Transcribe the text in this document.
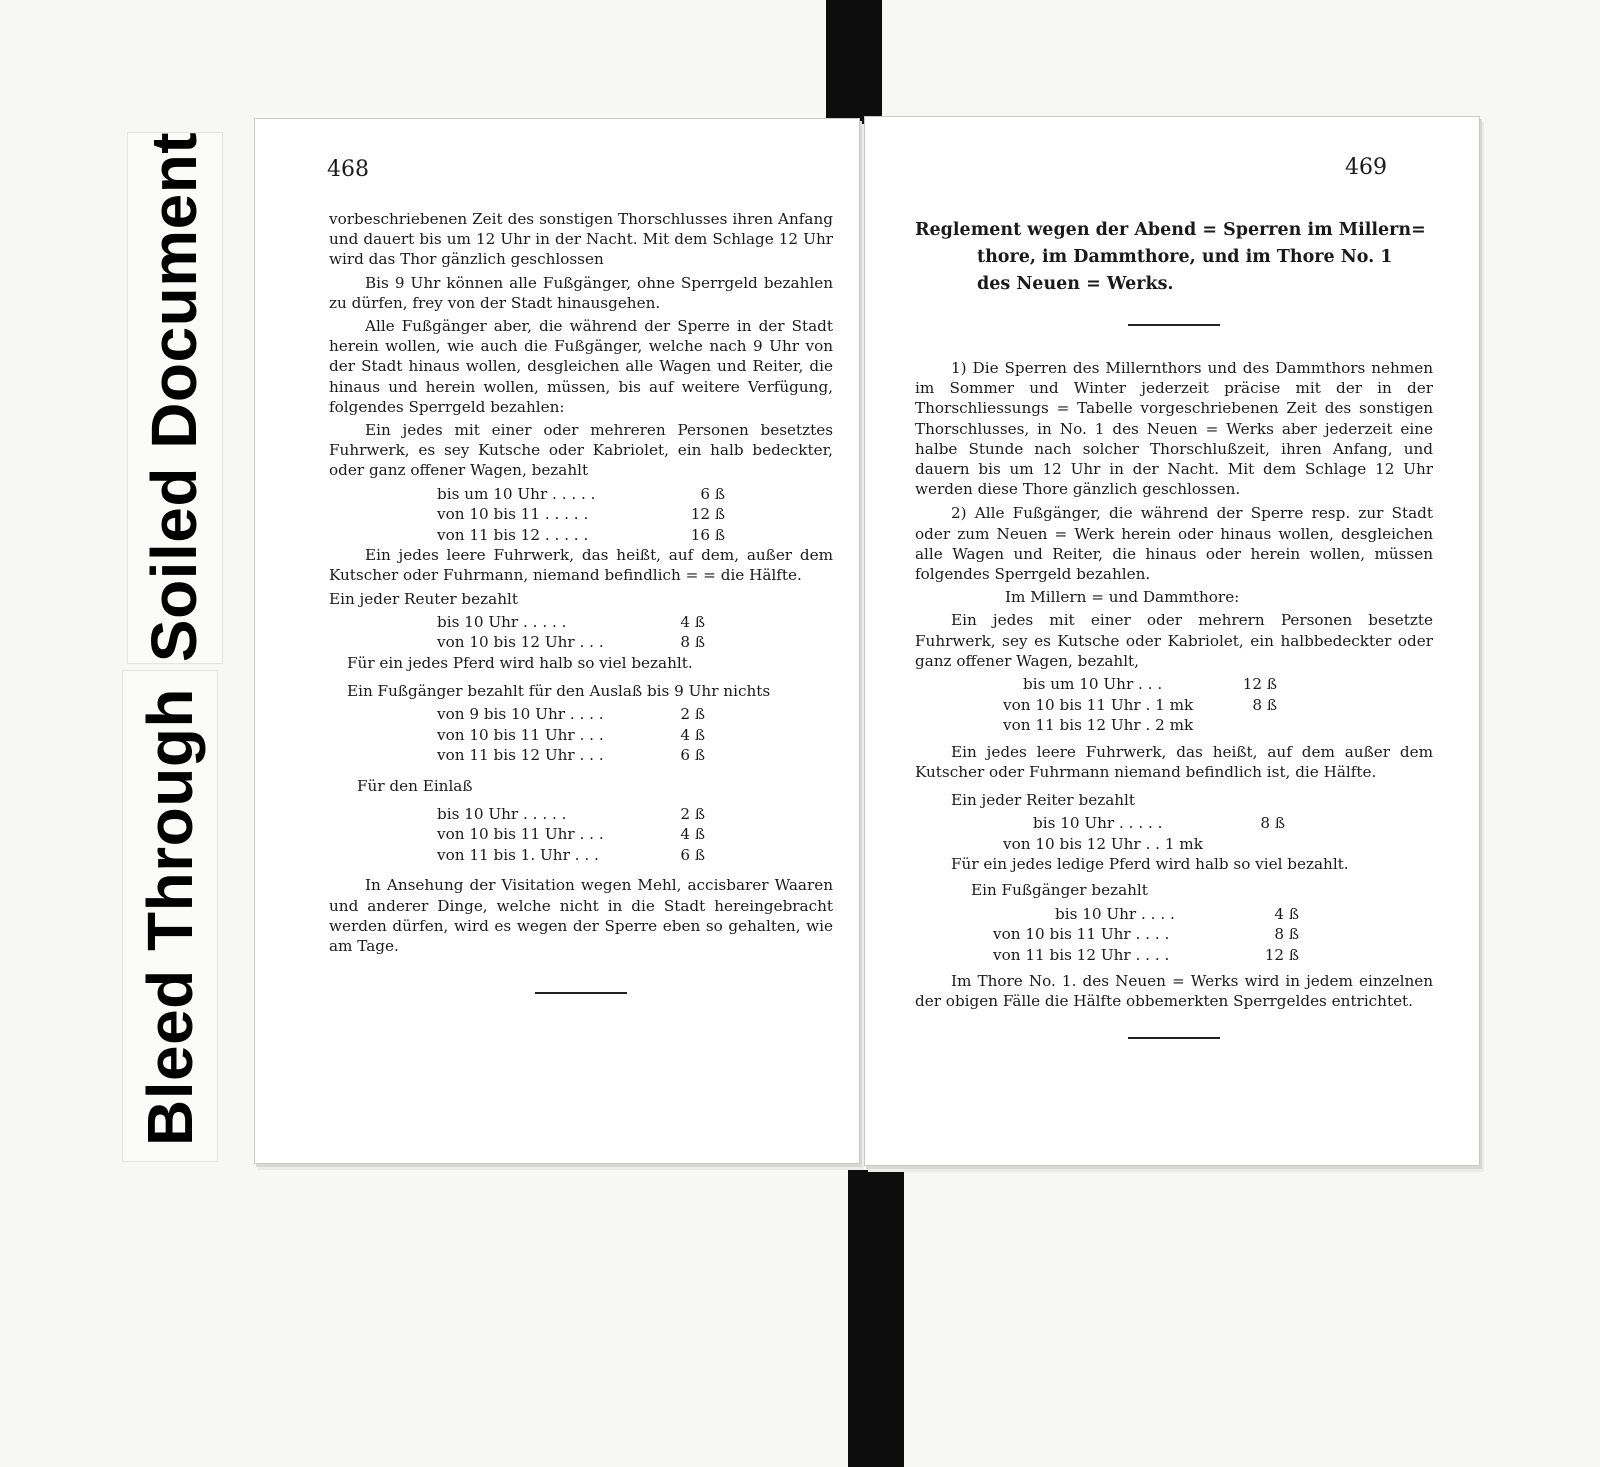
Soiled Document
Bleed Through
468

vorbeschriebenen Zeit des sonstigen Thorschlusses ihren Anfang und dauert bis um 12 Uhr in der Nacht. Mit dem Schlage 12 Uhr wird das Thor gänzlich geschlossen

Bis 9 Uhr können alle Fußgänger, ohne Sperrgeld bezahlen zu dürfen, frey von der Stadt hinausgehen.

Alle Fußgänger aber, die während der Sperre in der Stadt herein wollen, wie auch die Fußgänger, welche nach 9 Uhr von der Stadt hinaus wollen, desgleichen alle Wagen und Reiter, die hinaus und herein wollen, müssen, bis auf weitere Verfügung, folgendes Sperrgeld bezahlen:

Ein jedes mit einer oder mehreren Personen besetztes Fuhrwerk, es sey Kutsche oder Kabriolet, ein halb bedeckter, oder ganz offener Wagen, bezahlt

bis um 10 Uhr . . . . .	6 ß
von 10 bis 11 . . . . .	12 ß
von 11 bis 12 . . . . .	16 ß

Ein jedes leere Fuhrwerk, das heißt, auf dem, außer dem Kutscher oder Fuhrmann, niemand befindlich = = die Hälfte.

Ein jeder Reuter bezahlt

bis 10 Uhr . . . . .	4 ß
von 10 bis 12 Uhr . . .	8 ß

Für ein jedes Pferd wird halb so viel bezahlt.

Ein Fußgänger bezahlt für den Auslaß bis 9 Uhr nichts

von 9 bis 10 Uhr . . . .	2 ß
von 10 bis 11 Uhr . . .	4 ß
von 11 bis 12 Uhr . . .	6 ß

Für den Einlaß

bis 10 Uhr . . . . .	2 ß
von 10 bis 11 Uhr . . .	4 ß
von 11 bis 1. Uhr . . .	6 ß

In Ansehung der Visitation wegen Mehl, accisbarer Waaren und anderer Dinge, welche nicht in die Stadt hereingebracht werden dürfen, wird es wegen der Sperre eben so gehalten, wie am Tage.

469
Reglement wegen der Abend = Sperren im Millern=
thore, im Dammthore, und im Thore No. 1
des Neuen = Werks.

1) Die Sperren des Millernthors und des Dammthors nehmen im Sommer und Winter jederzeit präcise mit der in der Thorschliessungs = Tabelle vorgeschriebenen Zeit des sonstigen Thorschlusses, in No. 1 des Neuen = Werks aber jederzeit eine halbe Stunde nach solcher Thorschlußzeit, ihren Anfang, und dauern bis um 12 Uhr in der Nacht. Mit dem Schlage 12 Uhr werden diese Thore gänzlich geschlossen.

2) Alle Fußgänger, die während der Sperre resp. zur Stadt oder zum Neuen = Werk herein oder hinaus wollen, desgleichen alle Wagen und Reiter, die hinaus oder herein wollen, müssen folgendes Sperrgeld bezahlen.

Im Millern = und Dammthore:

Ein jedes mit einer oder mehrern Personen besetzte Fuhrwerk, sey es Kutsche oder Kabriolet, ein halbbedeckter oder ganz offener Wagen, bezahlt,

bis um 10 Uhr . . .	12 ß
von 10 bis 11 Uhr . 1 mk	8 ß
von 11 bis 12 Uhr . 2 mk

Ein jedes leere Fuhrwerk, das heißt, auf dem außer dem Kutscher oder Fuhrmann niemand befindlich ist, die Hälfte.

Ein jeder Reiter bezahlt

bis 10 Uhr . . . . .	8 ß
von 10 bis 12 Uhr . . 1 mk

Für ein jedes ledige Pferd wird halb so viel bezahlt.

Ein Fußgänger bezahlt

bis 10 Uhr . . . .	4 ß
von 10 bis 11 Uhr . . . .	8 ß
von 11 bis 12 Uhr . . . .	12 ß

Im Thore No. 1. des Neuen = Werks wird in jedem einzelnen der obigen Fälle die Hälfte obbemerkten Sperrgeldes entrichtet.
